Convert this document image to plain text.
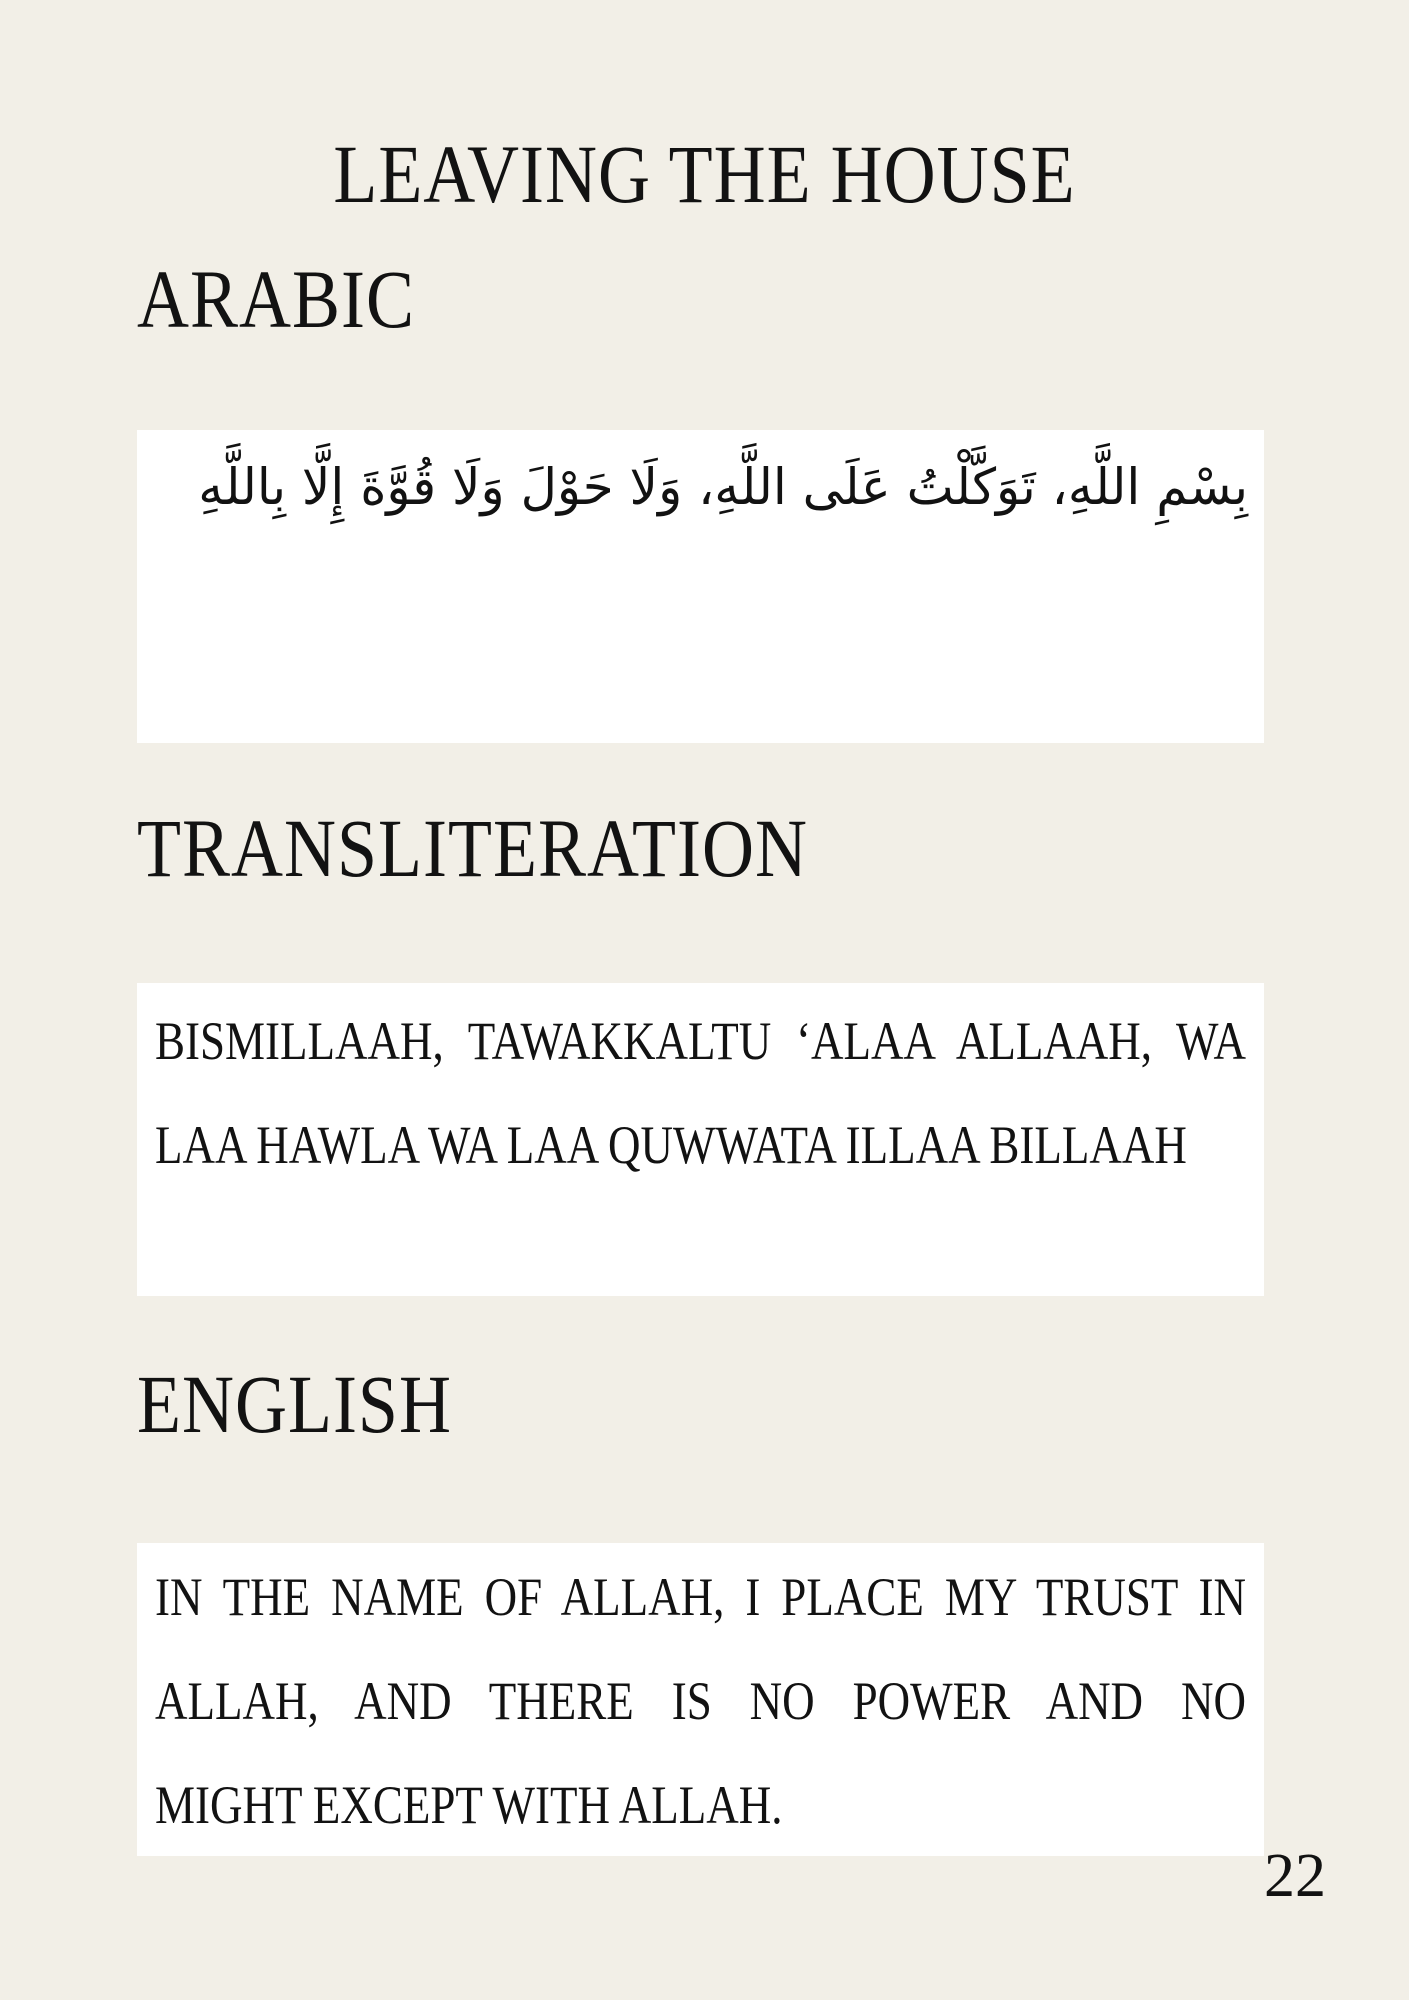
LEAVING THE HOUSE
ARABIC

بِسْمِ اللَّهِ، تَوَكَّلْتُ عَلَى اللَّهِ، وَلَا حَوْلَ وَلَا قُوَّةَ إِلَّا بِاللَّهِ

TRANSLITERATION

BISMILLAAH, TAWAKKALTU ‘ALAA ALLAAH, WA

LAA HAWLA WA LAA QUWWATA ILLAA BILLAAH

ENGLISH

IN THE NAME OF ALLAH, I PLACE MY TRUST IN

ALLAH, AND THERE IS NO POWER AND NO

MIGHT EXCEPT WITH ALLAH.

22
